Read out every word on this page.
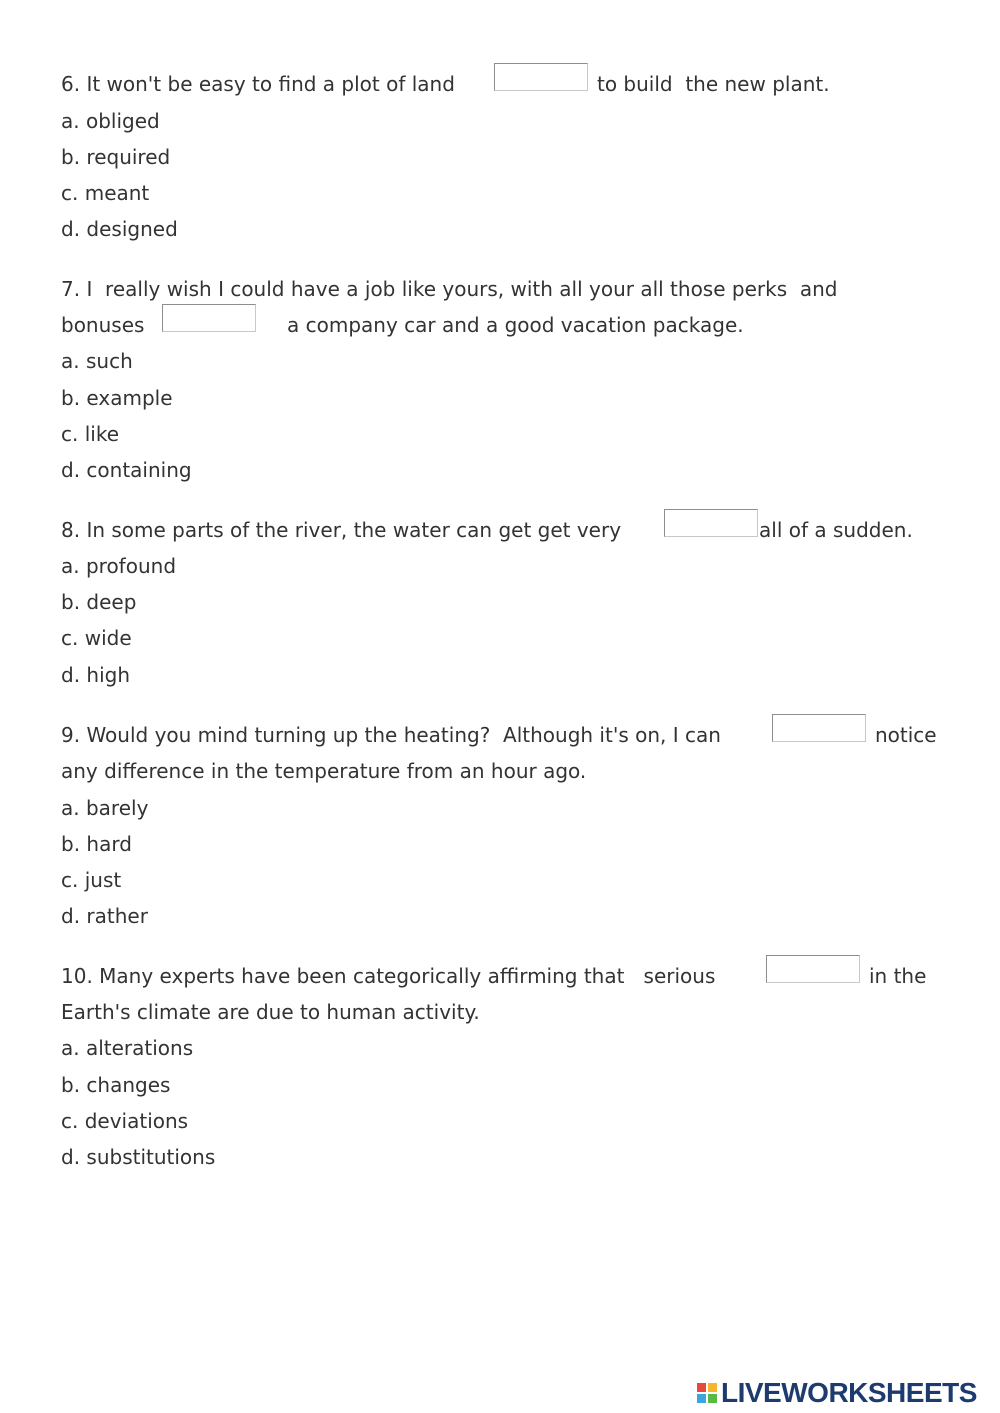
6. It won't be easy to find a plot of land	to build  the new plant.
a. obliged
b. required
c. meant
d. designed
7. I  really wish I could have a job like yours, with all your all those perks  and
bonuses	a company car and a good vacation package.
a. such
b. example
c. like
d. containing
8. In some parts of the river, the water can get get very	all of a sudden.
a. profound
b. deep
c. wide
d. high
9. Would you mind turning up the heating?  Although it's on, I can	notice
any difference in the temperature from an hour ago.
a. barely
b. hard
c. just
d. rather
10. Many experts have been categorically affirming that   serious	in the
Earth's climate are due to human activity.
a. alterations
b. changes
c. deviations
d. substitutions
LIVEWORKSHEETS
